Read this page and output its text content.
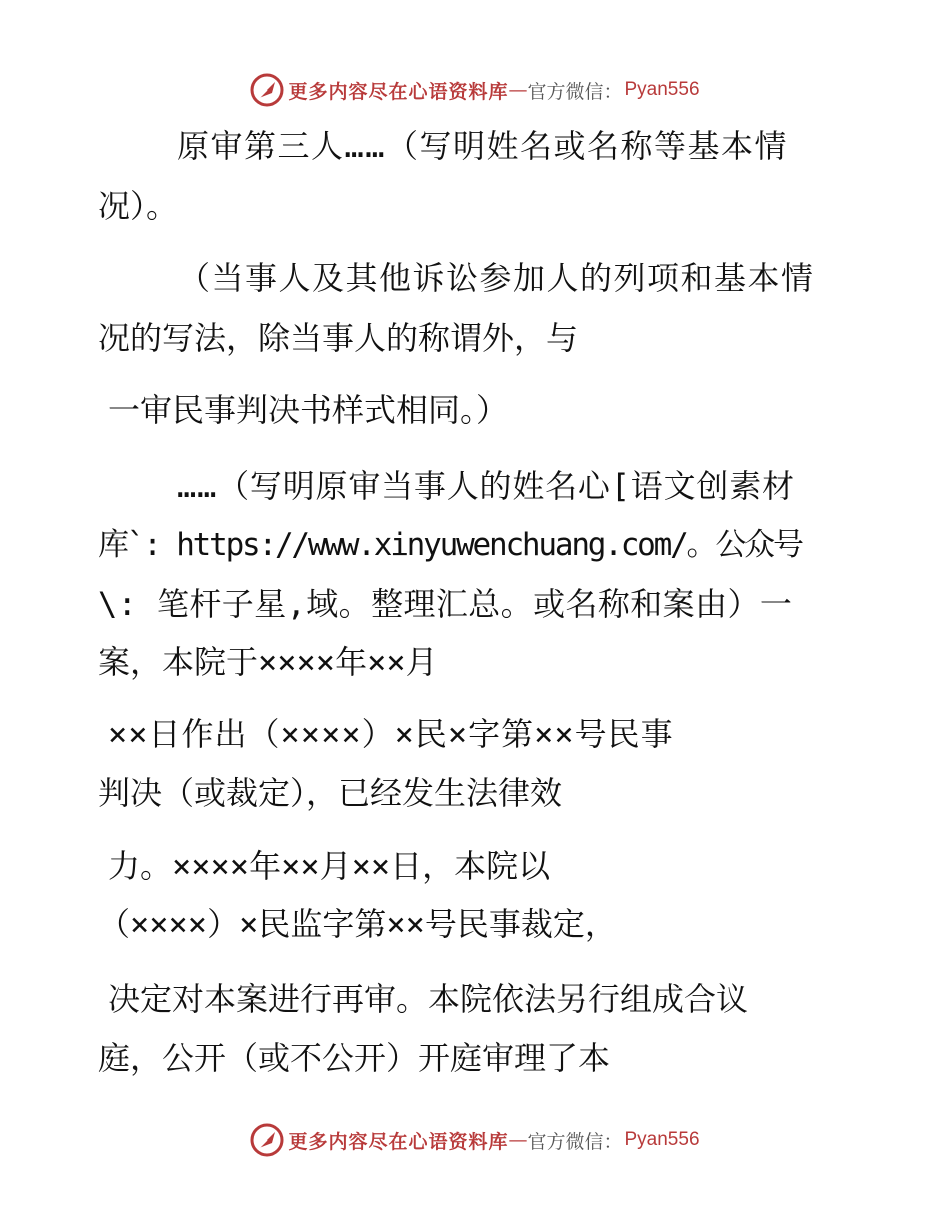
更多内容尽在心语资料库 — 官方微信： Pyan556
原审第三人……（写明姓名或名称等基本情
况）。
（当事人及其他诉讼参加人的列项和基本情
况的写法，除当事人的称谓外，与
一审民事判决书样式相同。）
……（写明原审当事人的姓名心[语文创素材
库`: https://www.xinyuwenchuang.com/。公众号
\: 笔杆子星,域。整理汇总。或名称和案由）一
案，本院于××××年××月
××日作出（××××）×民×字第××号民事
判决（或裁定），已经发生法律效
力。××××年××月××日，本院以
（××××）×民监字第××号民事裁定，
决定对本案进行再审。本院依法另行组成合议
庭，公开（或不公开）开庭审理了本
更多内容尽在心语资料库 — 官方微信： Pyan556
